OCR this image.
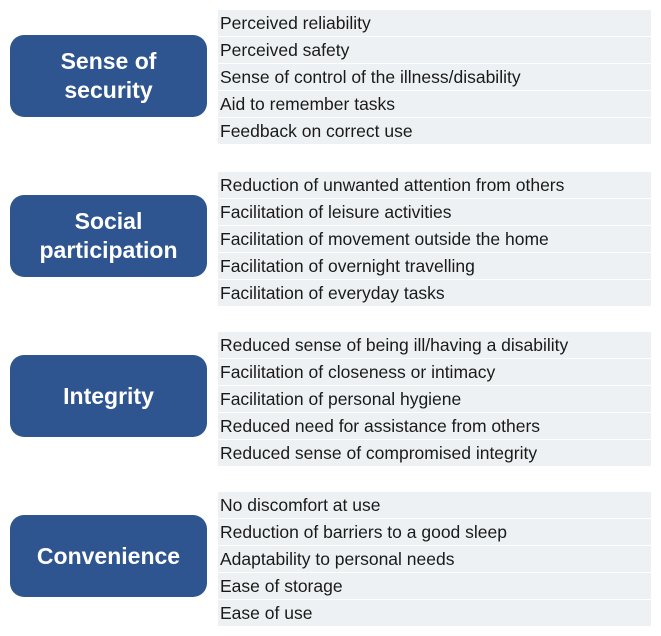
Sense of security
Perceived reliability
Perceived safety
Sense of control of the illness/disability
Aid to remember tasks
Feedback on correct use
Social participation
Reduction of unwanted attention from others
Facilitation of leisure activities
Facilitation of movement outside the home
Facilitation of overnight travelling
Facilitation of everyday tasks
Integrity
Reduced sense of being ill/having a disability
Facilitation of closeness or intimacy
Facilitation of personal hygiene
Reduced need for assistance from others
Reduced sense of compromised integrity
Convenience
No discomfort at use
Reduction of barriers to a good sleep
Adaptability to personal needs
Ease of storage
Ease of use
